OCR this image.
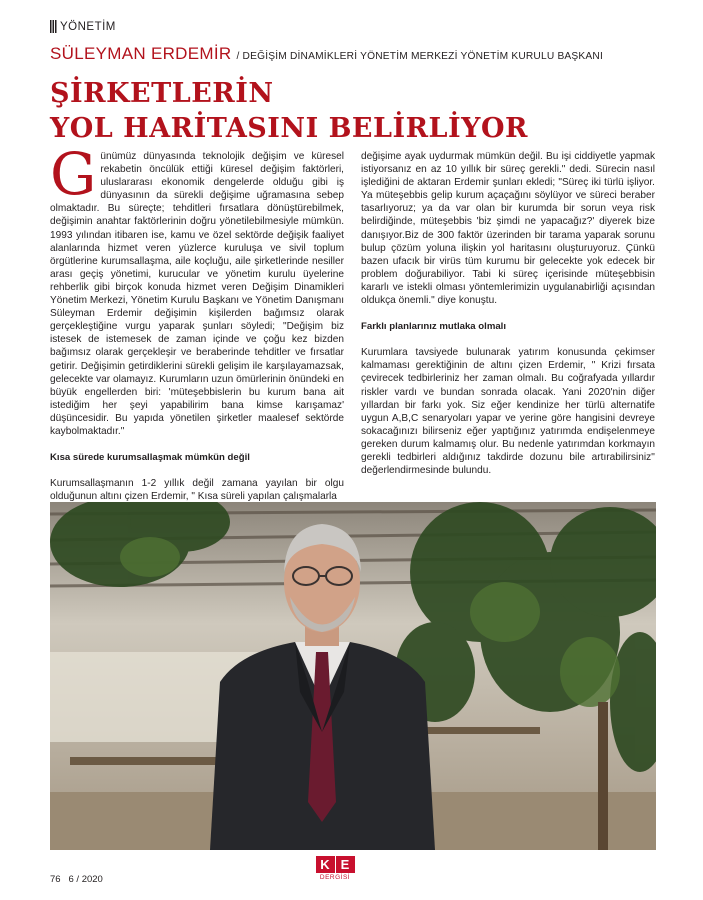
YÖNETİM
SÜLEYMAN ERDEMİR / DEĞİŞİM DİNAMİKLERİ YÖNETİM MERKEZİ YÖNETİM KURULU BAŞKANI
ŞİRKETLERİN
YOL HARİTASINI BELİRLİYOR

Günümüz dünyasında teknolojik değişim ve küresel rekabetin öncülük ettiği küresel değişim faktörleri, uluslararası ekonomik dengelerde olduğu gibi iş dünyasının da sürekli değişime uğramasına sebep olmaktadır. Bu süreçte; tehditleri fırsatlara dönüştürebilmek, değişimin anahtar faktörlerinin doğru yönetilebilmesiyle mümkün. 1993 yılından itibaren ise, kamu ve özel sektörde değişik faaliyet alanlarında hizmet veren yüzlerce kuruluşa ve sivil toplum örgütlerine kurumsallaşma, aile koçluğu, aile şirketlerinde nesiller arası geçiş yönetimi, kurucular ve yönetim kurulu üyelerine rehberlik gibi birçok konuda hizmet veren Değişim Dinamikleri Yönetim Merkezi, Yönetim Kurulu Başkanı ve Yönetim Danışmanı Süleyman Erdemir değişimin kişilerden bağımsız olarak gerçekleştiğine vurgu yaparak şunları söyledi; "Değişim biz istesek de istemesek de zaman içinde ve çoğu kez bizden bağımsız olarak gerçekleşir ve beraberinde tehditler ve fırsatlar getirir. Değişimin getirdiklerini sürekli gelişim ile karşılayamazsak, gelecekte var olamayız. Kurumların uzun ömürlerinin önündeki en büyük engellerden biri: 'müteşebbislerin bu kurum bana ait istediğim her şeyi yapabilirim bana kimse karışamaz' düşüncesidir. Bu yapıda yönetilen şirketler maalesef sektörde kaybolmaktadır."

Kısa sürede kurumsallaşmak mümkün değil

Kurumsallaşmanın 1-2 yıllık değil zamana yayılan bir olgu olduğunun altını çizen Erdemir, " Kısa süreli yapılan çalışmalarla

değişime ayak uydurmak mümkün değil. Bu işi ciddiyetle yapmak istiyorsanız en az 10 yıllık bir süreç gerekli." dedi. Sürecin nasıl işlediğini de aktaran Erdemir şunları ekledi; "Süreç iki türlü işliyor. Ya müteşebbis gelip kurum açaçağını söylüyor ve süreci beraber tasarlıyoruz; ya da var olan bir kurumda bir sorun veya risk belirdiğinde, müteşebbis 'biz şimdi ne yapacağız?' diyerek bize danışıyor.Biz de 300 faktör üzerinden bir tarama yaparak sorunu bulup çözüm yoluna ilişkin yol haritasını oluşturuyoruz. Çünkü bazen ufacık bir virüs tüm kurumu bir gelecekte yok edecek bir problem doğurabiliyor. Tabi ki süreç içerisinde müteşebbisin kararlı ve istekli olması yöntemlerimizin uygulanabirliği açısından oldukça önemli." diye konuştu.

Farklı planlarınız mutlaka olmalı

Kurumlara tavsiyede bulunarak yatırım konusunda çekimser kalmaması gerektiğinin de altını çizen Erdemir, " Krizi fırsata çevirecek tedbirleriniz her zaman olmalı. Bu coğrafyada yıllardır riskler vardı ve bundan sonrada olacak. Yani 2020'nin diğer yıllardan bir farkı yok. Siz eğer kendinize her türlü alternatife uygun A,B,C senaryoları yapar ve yerine göre hangisini devreye sokacağınızı bilirseniz eğer yaptığınız yatırımda endişelenmeye gereken durum kalmamış olur. Bu nedenle yatırımdan korkmayın gerekli tedbirleri aldığınız takdirde dozunu bile artırabilirsiniz'' değerlendirmesinde bulundu.

76 6 / 2020
K E
DERGİSİ
